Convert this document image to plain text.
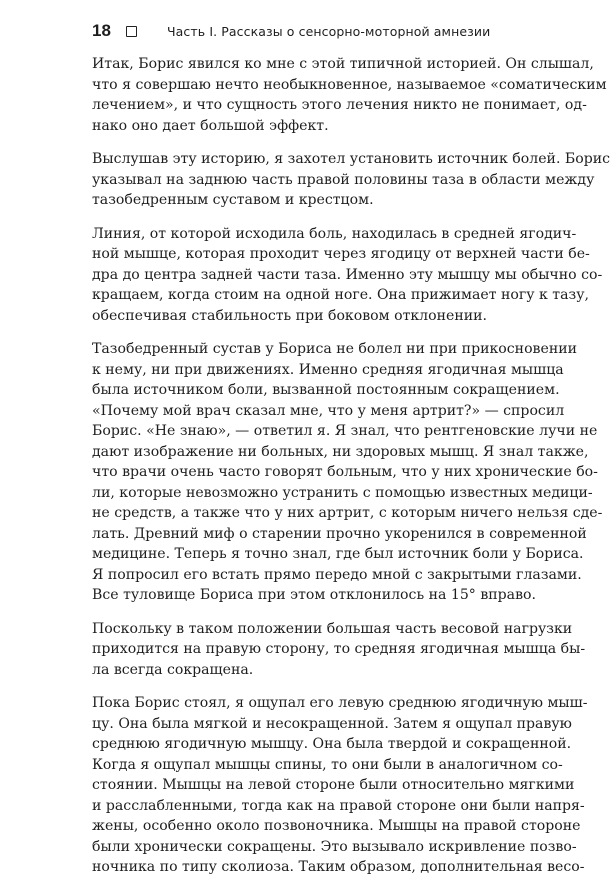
18	Часть I. Рассказы о сенсорно-моторной амнезии

Итак, Борис явился ко мне с этой типичной историей. Он слышал,
что я совершаю нечто необыкновенное, называемое «соматическим
лечением», и что сущность этого лечения никто не понимает, од-
нако оно дает большой эффект.

Выслушав эту историю, я захотел установить источник болей. Борис
указывал на заднюю часть правой половины таза в области между
тазобедренным суставом и крестцом.

Линия, от которой исходила боль, находилась в средней ягодич-
ной мышце, которая проходит через ягодицу от верхней части бе-
дра до центра задней части таза. Именно эту мышцу мы обычно со-
кращаем, когда стоим на одной ноге. Она прижимает ногу к тазу,
обеспечивая стабильность при боковом отклонении.

Тазобедренный сустав у Бориса не болел ни при прикосновении
к нему, ни при движениях. Именно средняя ягодичная мышца
была источником боли, вызванной постоянным сокращением.
«Почему мой врач сказал мне, что у меня артрит?» — спросил
Борис. «Не знаю», — ответил я. Я знал, что рентгеновские лучи не
дают изображение ни больных, ни здоровых мышц. Я знал также,
что врачи очень часто говорят больным, что у них хронические бо-
ли, которые невозможно устранить с помощью известных медици-
не средств, а также что у них артрит, с которым ничего нельзя сде-
лать. Древний миф о старении прочно укоренился в современной
медицине. Теперь я точно знал, где был источник боли у Бориса.
Я попросил его встать прямо передо мной с закрытыми глазами.
Все туловище Бориса при этом отклонилось на 15° вправо.

Поскольку в таком положении большая часть весовой нагрузки
приходится на правую сторону, то средняя ягодичная мышца бы-
ла всегда сокращена.

Пока Борис стоял, я ощупал его левую среднюю ягодичную мыш-
цу. Она была мягкой и несокращенной. Затем я ощупал правую
среднюю ягодичную мышцу. Она была твердой и сокращенной.
Когда я ощупал мышцы спины, то они были в аналогичном со-
стоянии. Мышцы на левой стороне были относительно мягкими
и расслабленными, тогда как на правой стороне они были напря-
жены, особенно около позвоночника. Мышцы на правой стороне
были хронически сокращены. Это вызывало искривление позво-
ночника по типу сколиоза. Таким образом, дополнительная весо-
